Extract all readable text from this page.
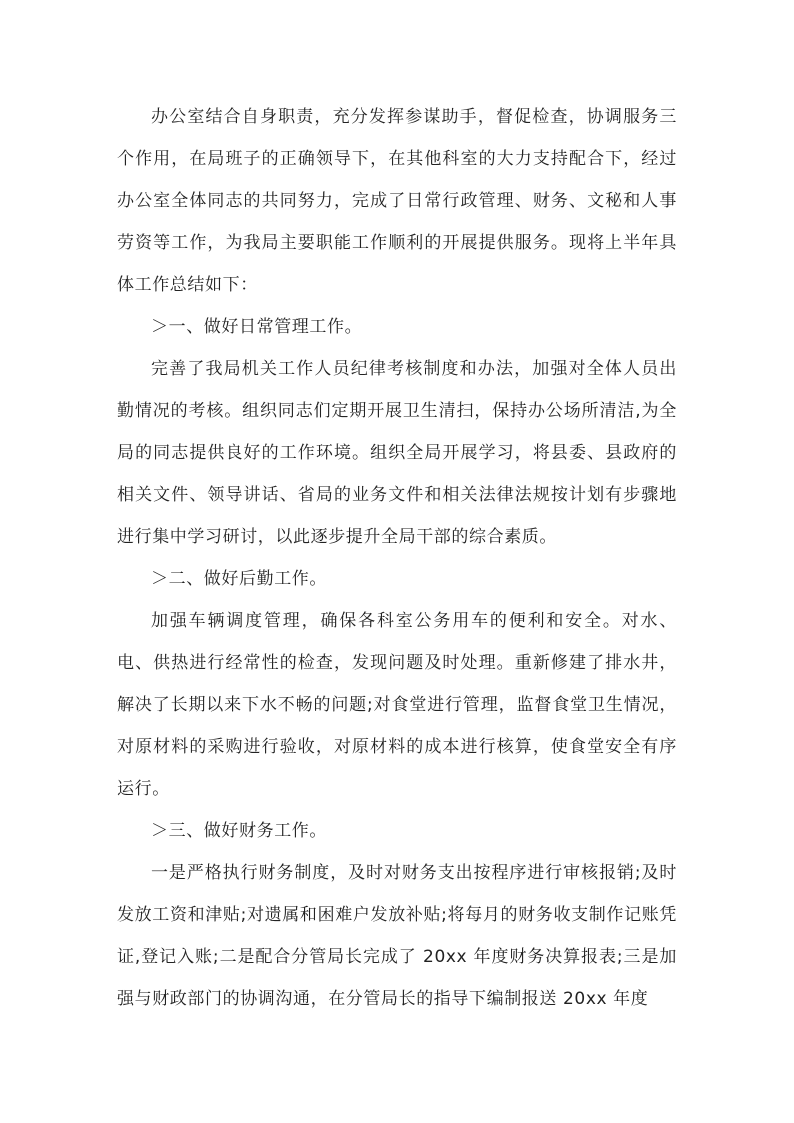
办公室结合自身职责，充分发挥参谋助手，督促检查，协调服务三个作用，在局班子的正确领导下，在其他科室的大力支持配合下，经过办公室全体同志的共同努力，完成了日常行政管理、财务、文秘和人事劳资等工作，为我局主要职能工作顺利的开展提供服务。现将上半年具体工作总结如下：

＞一、做好日常管理工作。

完善了我局机关工作人员纪律考核制度和办法，加强对全体人员出勤情况的考核。组织同志们定期开展卫生清扫，保持办公场所清洁,为全局的同志提供良好的工作环境。组织全局开展学习，将县委、县政府的相关文件、领导讲话、省局的业务文件和相关法律法规按计划有步骤地进行集中学习研讨，以此逐步提升全局干部的综合素质。

＞二、做好后勤工作。

加强车辆调度管理，确保各科室公务用车的便利和安全。对水、电、供热进行经常性的检查，发现问题及时处理。重新修建了排水井，解决了长期以来下水不畅的问题;对食堂进行管理，监督食堂卫生情况，对原材料的采购进行验收，对原材料的成本进行核算，使食堂安全有序运行。

＞三、做好财务工作。

一是严格执行财务制度，及时对财务支出按程序进行审核报销;及时发放工资和津贴;对遗属和困难户发放补贴;将每月的财务收支制作记账凭证,登记入账;二是配合分管局长完成了 20xx 年度财务决算报表;三是加强与财政部门的协调沟通，在分管局长的指导下编制报送 20xx 年度
